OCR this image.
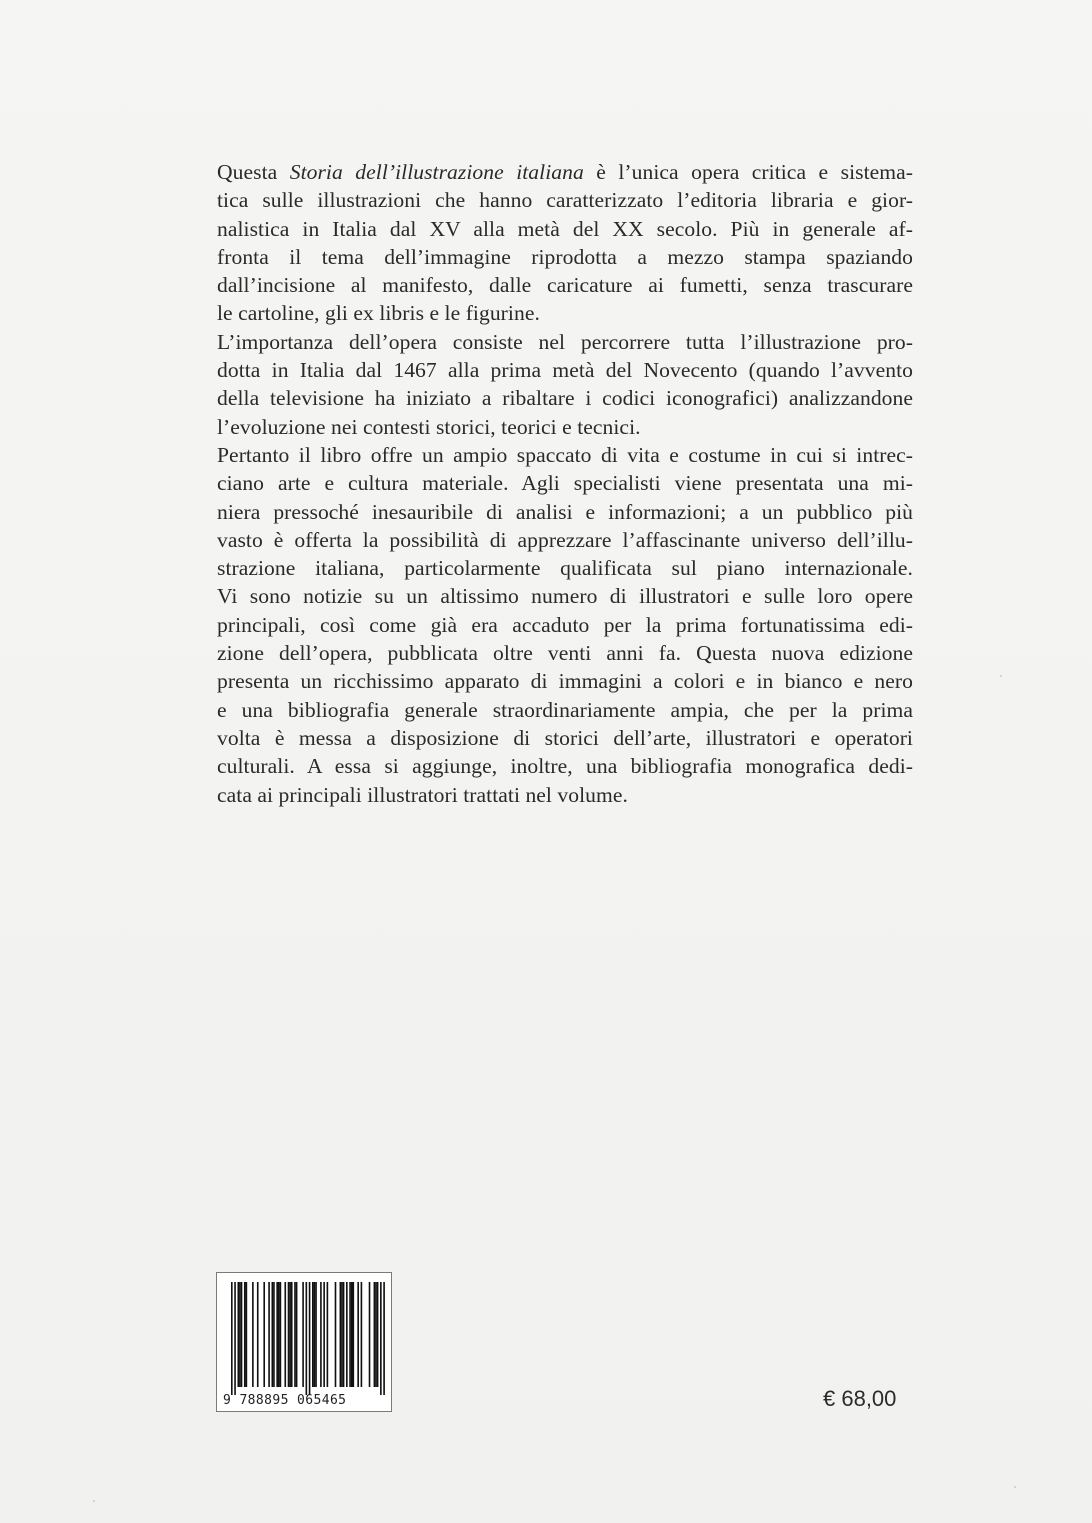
Questa Storia dell’illustrazione italiana è l’unica opera critica e sistema-
tica sulle illustrazioni che hanno caratterizzato l’editoria libraria e gior-
nalistica in Italia dal XV alla metà del XX secolo. Più in generale af-
fronta il tema dell’immagine riprodotta a mezzo stampa spaziando
dall’incisione al manifesto, dalle caricature ai fumetti, senza trascurare
le cartoline, gli ex libris e le figurine.
L’importanza dell’opera consiste nel percorrere tutta l’illustrazione pro-
dotta in Italia dal 1467 alla prima metà del Novecento (quando l’avvento
della televisione ha iniziato a ribaltare i codici iconografici) analizzandone
l’evoluzione nei contesti storici, teorici e tecnici.
Pertanto il libro offre un ampio spaccato di vita e costume in cui si intrec-
ciano arte e cultura materiale. Agli specialisti viene presentata una mi-
niera pressoché inesauribile di analisi e informazioni; a un pubblico più
vasto è offerta la possibilità di apprezzare l’affascinante universo dell’illu-
strazione italiana, particolarmente qualificata sul piano internazionale.
Vi sono notizie su un altissimo numero di illustratori e sulle loro opere
principali, così come già era accaduto per la prima fortunatissima edi-
zione dell’opera, pubblicata oltre venti anni fa. Questa nuova edizione
presenta un ricchissimo apparato di immagini a colori e in bianco e nero
e una bibliografia generale straordinariamente ampia, che per la prima
volta è messa a disposizione di storici dell’arte, illustratori e operatori
culturali. A essa si aggiunge, inoltre, una bibliografia monografica dedi-
cata ai principali illustratori trattati nel volume.
9 788895 065465	€ 68,00
